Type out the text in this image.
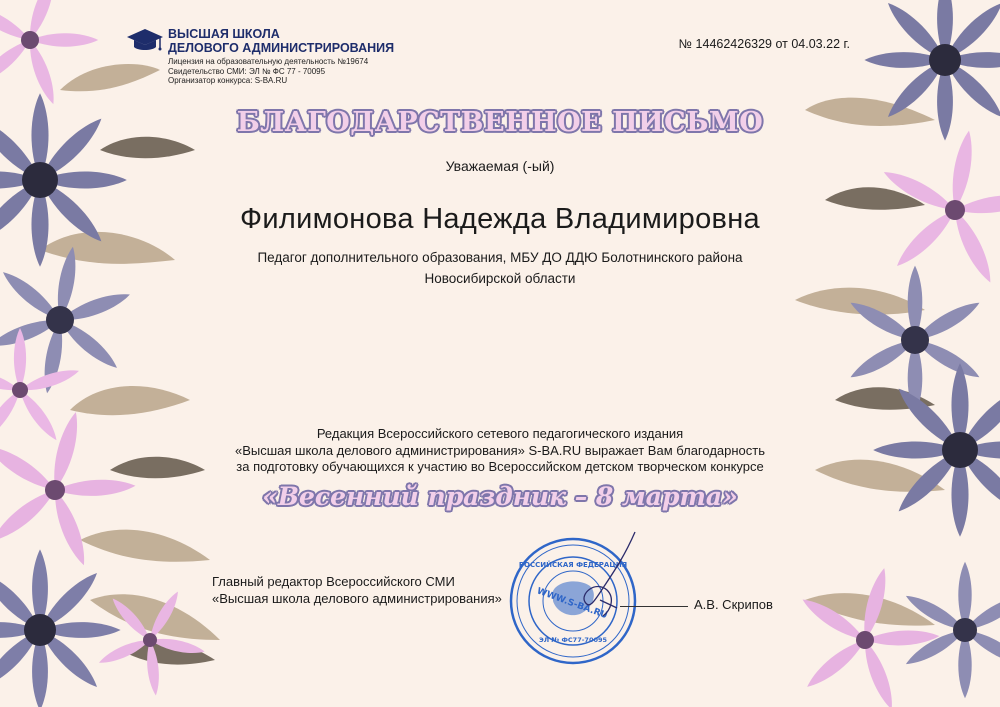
ВЫСШАЯ ШКОЛА
ДЕЛОВОГО АДМИНИСТРИРОВАНИЯ
Лицензия на образовательную деятельность №19674
Свидетельство СМИ: ЭЛ № ФС 77 - 70095
Организатор конкурса: S-BA.RU
№ 14462426329 от 04.03.22 г.
БЛАГОДАРСТВЕННОЕ ПИСЬМО
Уважаемая (-ый)
Филимонова Надежда Владимировна
Педагог дополнительного образования, МБУ ДО ДДЮ Болотнинского района
Новосибирской области
Редакция Всероссийского сетевого педагогического издания
«Высшая школа делового администрирования» S-BA.RU выражает Вам благодарность
за подготовку обучающихся к участию во Всероссийском детском творческом конкурсе
«Весенний праздник – 8 марта»
Главный редактор Всероссийского СМИ
«Высшая школа делового администрирования»
РОССИЙСКАЯ ФЕДЕРАЦИЯ
WWW.S-BA.RU
ЭЛ № ФС77-70095
А.В. Скрипов
